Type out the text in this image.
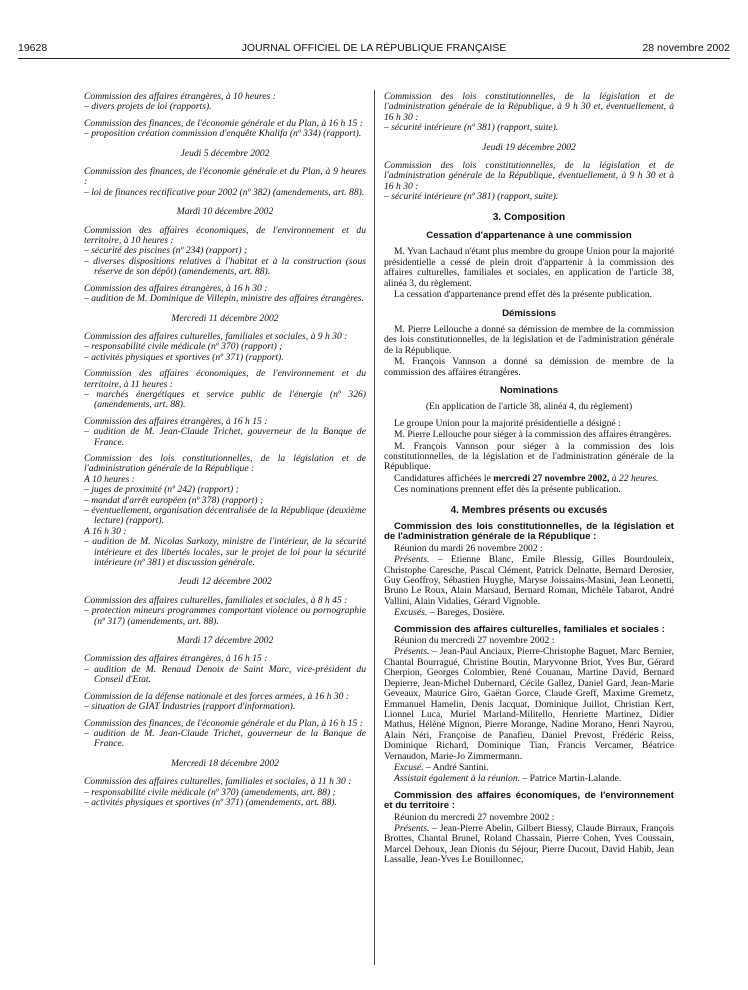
19628	JOURNAL OFFICIEL DE LA RÉPUBLIQUE FRANÇAISE	28 novembre 2002
Commission des affaires étrangères, à 10 heures :
– divers projets de loi (rapports).
Commission des finances, de l'économie générale et du Plan, à 16 h 15 :
– proposition création commission d'enquête Khalifa (nº 334) (rapport).
Jeudi 5 décembre 2002
Commission des finances, de l'économie générale et du Plan, à 9 heures :
– loi de finances rectificative pour 2002 (nº 382) (amendements, art. 88).
Mardi 10 décembre 2002
Commission des affaires économiques, de l'environnement et du territoire, à 10 heures :
– sécurité des piscines (nº 234) (rapport) ;
– diverses dispositions relatives à l'habitat et à la construction (sous réserve de son dépôt) (amendements, art. 88).
Commission des affaires étrangères, à 16 h 30 :
– audition de M. Dominique de Villepin, ministre des affaires étrangères.
Mercredi 11 décembre 2002
Commission des affaires culturelles, familiales et sociales, à 9 h 30 :
– responsabilité civile médicale (nº 370) (rapport) ;
– activités physiques et sportives (nº 371) (rapport).
Commission des affaires économiques, de l'environnement et du territoire, à 11 heures :
– marchés énergétiques et service public de l'énergie (nº 326) (amendements, art. 88).
Commission des affaires étrangères, à 16 h 15 :
– audition de M. Jean-Claude Trichet, gouverneur de la Banque de France.
Commission des lois constitutionnelles, de la législation et de l'administration générale de la République :
A 10 heures :
– juges de proximité (nº 242) (rapport) ;
– mandat d'arrêt européen (nº 378) (rapport) ;
– éventuellement, organisation décentralisée de la République (deuxième lecture) (rapport).
A 16 h 30 :
– audition de M. Nicolas Sarkozy, ministre de l'intérieur, de la sécurité intérieure et des libertés locales, sur le projet de loi pour la sécurité intérieure (nº 381) et discussion générale.
Jeudi 12 décembre 2002
Commission des affaires culturelles, familiales et sociales, à 8 h 45 :
– protection mineurs programmes comportant violence ou pornographie (nº 317) (amendements, art. 88).
Mardi 17 décembre 2002
Commission des affaires étrangères, à 16 h 15 :
– audition de M. Renaud Denoix de Saint Marc, vice-président du Conseil d'Etat.
Commission de la défense nationale et des forces armées, à 16 h 30 :
– situation de GIAT Industries (rapport d'information).
Commission des finances, de l'économie générale et du Plan, à 16 h 15 :
– audition de M. Jean-Claude Trichet, gouverneur de la Banque de France.
Mercredi 18 décembre 2002
Commission des affaires culturelles, familiales et sociales, à 11 h 30 :
– responsabilité civile médicale (nº 370) (amendements, art. 88) ;
– activités physiques et sportives (nº 371) (amendements, art. 88).
Commission des lois constitutionnelles, de la législation et de l'administration générale de la République, à 9 h 30 et, éventuellement, à 16 h 30 :
– sécurité intérieure (nº 381) (rapport, suite).
Jeudi 19 décembre 2002
Commission des lois constitutionnelles, de la législation et de l'administration générale de la République, éventuellement, à 9 h 30 et à 16 h 30 :
– sécurité intérieure (nº 381) (rapport, suite).
3. Composition
Cessation d'appartenance à une commission
M. Yvan Lachaud n'étant plus membre du groupe Union pour la majorité présidentielle a cessé de plein droit d'appartenir à la commission des affaires culturelles, familiales et sociales, en application de l'article 38, alinéa 3, du règlement.
La cessation d'appartenance prend effet dès la présente publication.
Démissions
M. Pierre Lellouche a donné sa démission de membre de la commission des lois constitutionnelles, de la législation et de l'administration générale de la République.
M. François Vannson a donné sa démission de membre de la commission des affaires étrangères.
Nominations
(En application de l'article 38, alinéa 4, du règlement)
Le groupe Union pour la majorité présidentielle a désigné :
M. Pierre Lellouche pour siéger à la commission des affaires étrangères.
M. François Vannson pour siéger à la commission des lois constitutionnelles, de la législation et de l'administration générale de la République.
Candidatures affichées le mercredi 27 novembre 2002, à 22 heures.
Ces nominations prennent effet dès la présente publication.
4. Membres présents ou excusés
Commission des lois constitutionnelles, de la législation et de l'administration générale de la République :
Réunion du mardi 26 novembre 2002 :
Présents. – Etienne Blanc, Emile Blessig, Gilles Bourdouleix, Christophe Caresche, Pascal Clément, Patrick Delnatte, Bernard Derosier, Guy Geoffroy, Sébastien Huyghe, Maryse Joissains-Masini, Jean Leonetti, Bruno Le Roux, Alain Marsaud, Bernard Roman, Michèle Tabarot, André Vallini, Alain Vidalies, Gérard Vignoble.
Excusés. – Bareges, Dosière.
Commission des affaires culturelles, familiales et sociales :
Réunion du mercredi 27 novembre 2002 :
Présents. – Jean-Paul Anciaux, Pierre-Christophe Baguet, Marc Bernier, Chantal Bourragué, Christine Boutin, Maryvonne Briot, Yves Bur, Gérard Cherpion, Georges Colombier, René Couanau, Martine David, Bernard Depierre, Jean-Michel Dubernard, Cécile Gallez, Daniel Gard, Jean-Marie Geveaux, Maurice Giro, Gaëtan Gorce, Claude Greff, Maxime Gremetz, Emmanuel Hamelin, Denis Jacquat, Dominique Juillot, Christian Kert, Lionnel Luca, Muriel Marland-Militello, Henriette Martinez, Didier Mathus, Hélène Mignon, Pierre Morange, Nadine Morano, Henri Nayrou, Alain Néri, Françoise de Panafieu, Daniel Prevost, Frédéric Reiss, Dominique Richard, Dominique Tian, Francis Vercamer, Béatrice Vernaudon, Marie-Jo Zimmermann.
Excusé. – André Santini.
Assistait également à la réunion. – Patrice Martin-Lalande.
Commission des affaires économiques, de l'environnement et du territoire :
Réunion du mercredi 27 novembre 2002 :
Présents. – Jean-Pierre Abelin, Gilbert Biessy, Claude Birraux, François Brottes, Chantal Brunel, Roland Chassain, Pierre Cohen, Yves Coussain, Marcel Dehoux, Jean Dionis du Séjour, Pierre Ducout, David Habib, Jean Lassalle, Jean-Yves Le Bouillonnec,
